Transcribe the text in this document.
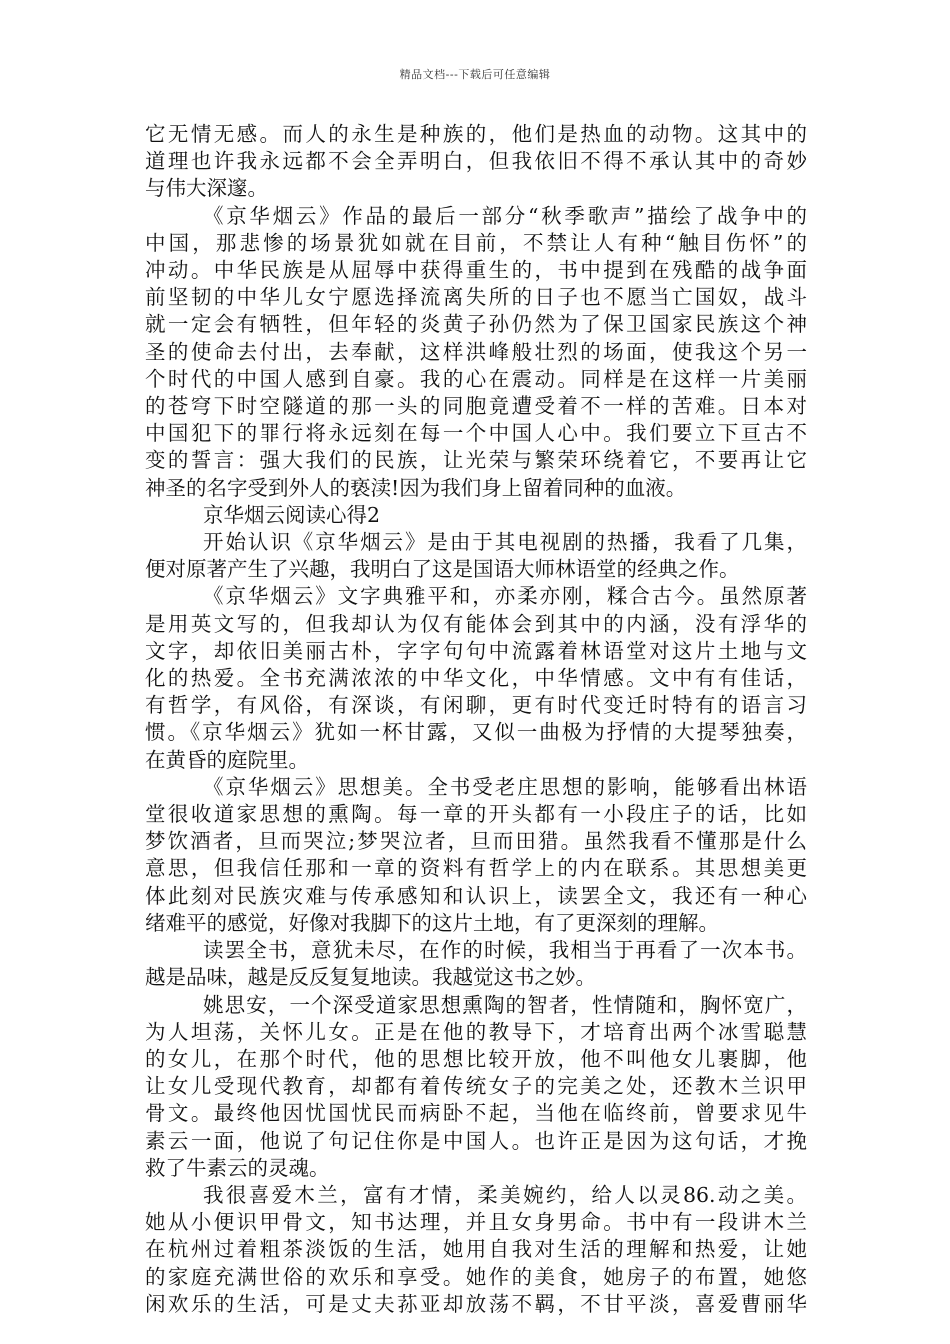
精品文档---下载后可任意编辑
它无情无感。而人的永生是种族的，他们是热血的动物。这其中的
道理也许我永远都不会全弄明白，但我依旧不得不承认其中的奇妙
与伟大深邃。
《京华烟云》作品的最后一部分“秋季歌声”描绘了战争中的
中国，那悲惨的场景犹如就在目前，不禁让人有种“触目伤怀”的
冲动。中华民族是从屈辱中获得重生的，书中提到在残酷的战争面
前坚韧的中华儿女宁愿选择流离失所的日子也不愿当亡国奴，战斗
就一定会有牺牲，但年轻的炎黄子孙仍然为了保卫国家民族这个神
圣的使命去付出，去奉献，这样洪峰般壮烈的场面，使我这个另一
个时代的中国人感到自豪。我的心在震动。同样是在这样一片美丽
的苍穹下时空隧道的那一头的同胞竟遭受着不一样的苦难。日本对
中国犯下的罪行将永远刻在每一个中国人心中。我们要立下亘古不
变的誓言：强大我们的民族，让光荣与繁荣环绕着它，不要再让它
神圣的名字受到外人的亵渎!因为我们身上留着同种的血液。
京华烟云阅读心得2
开始认识《京华烟云》是由于其电视剧的热播，我看了几集，
便对原著产生了兴趣，我明白了这是国语大师林语堂的经典之作。
《京华烟云》文字典雅平和，亦柔亦刚，糅合古今。虽然原著
是用英文写的，但我却认为仅有能体会到其中的内涵，没有浮华的
文字，却依旧美丽古朴，字字句句中流露着林语堂对这片土地与文
化的热爱。全书充满浓浓的中华文化，中华情感。文中有有佳话，
有哲学，有风俗，有深谈，有闲聊，更有时代变迁时特有的语言习
惯。《京华烟云》犹如一杯甘露，又似一曲极为抒情的大提琴独奏，
在黄昏的庭院里。
《京华烟云》思想美。全书受老庄思想的影响，能够看出林语
堂很收道家思想的熏陶。每一章的开头都有一小段庄子的话，比如
梦饮酒者，旦而哭泣;梦哭泣者，旦而田猎。虽然我看不懂那是什么
意思，但我信任那和一章的资料有哲学上的内在联系。其思想美更
体此刻对民族灾难与传承感知和认识上，读罢全文，我还有一种心
绪难平的感觉，好像对我脚下的这片土地，有了更深刻的理解。
读罢全书，意犹未尽，在作的时候，我相当于再看了一次本书。
越是品味，越是反反复复地读。我越觉这书之妙。
姚思安，一个深受道家思想熏陶的智者，性情随和，胸怀宽广，
为人坦荡，关怀儿女。正是在他的教导下，才培育出两个冰雪聪慧
的女儿，在那个时代，他的思想比较开放，他不叫他女儿裹脚，他
让女儿受现代教育，却都有着传统女子的完美之处，还教木兰识甲
骨文。最终他因忧国忧民而病卧不起，当他在临终前，曾要求见牛
素云一面，他说了句记住你是中国人。也许正是因为这句话，才挽
救了牛素云的灵魂。
我很喜爱木兰，富有才情，柔美婉约，给人以灵86.动之美。
她从小便识甲骨文，知书达理，并且女身男命。书中有一段讲木兰
在杭州过着粗茶淡饭的生活，她用自我对生活的理解和热爱，让她
的家庭充满世俗的欢乐和享受。她作的美食，她房子的布置，她悠
闲欢乐的生活，可是丈夫荪亚却放荡不羁，不甘平淡，喜爱曹丽华
